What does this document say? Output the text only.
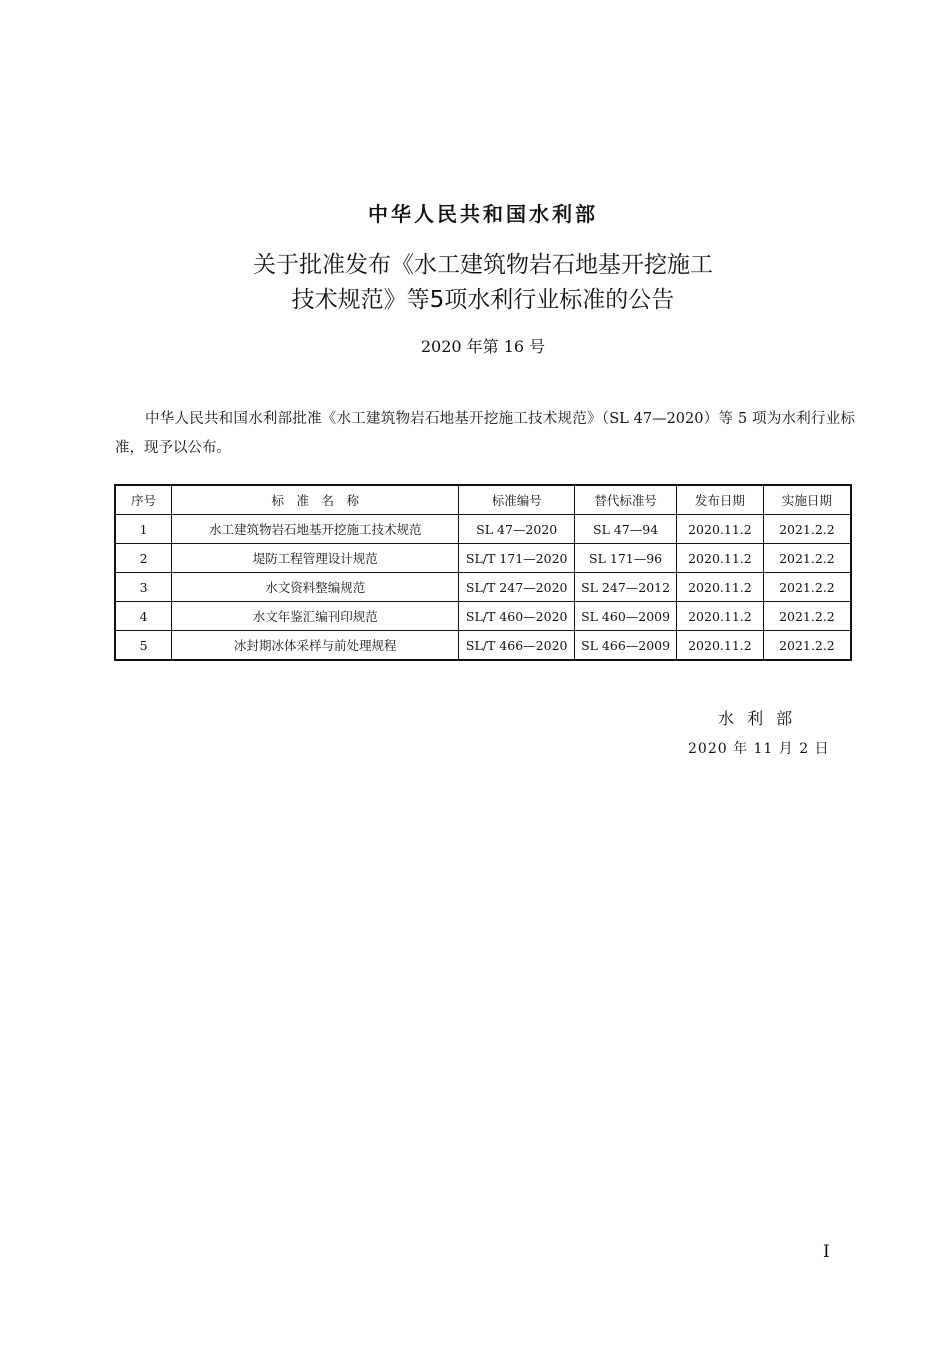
中华人民共和国水利部
关于批准发布《水工建筑物岩石地基开挖施工
技术规范》等5项水利行业标准的公告
2020 年第 16 号
中华人民共和国水利部批准《水工建筑物岩石地基开挖施工技术规范》（SL 47—2020）等 5 项为水利行业标准，现予以公布。
序号	标　准　名　称	标准编号	替代标准号	发布日期	实施日期
1	水工建筑物岩石地基开挖施工技术规范	SL 47—2020	SL 47—94	2020.11.2	2021.2.2
2	堤防工程管理设计规范	SL/T 171—2020	SL 171—96	2020.11.2	2021.2.2
3	水文资料整编规范	SL/T 247—2020	SL 247—2012	2020.11.2	2021.2.2
4	水文年鉴汇编刊印规范	SL/T 460—2020	SL 460—2009	2020.11.2	2021.2.2
5	冰封期冰体采样与前处理规程	SL/T 466—2020	SL 466—2009	2020.11.2	2021.2.2
水 利 部
2020 年 11 月 2 日
I
